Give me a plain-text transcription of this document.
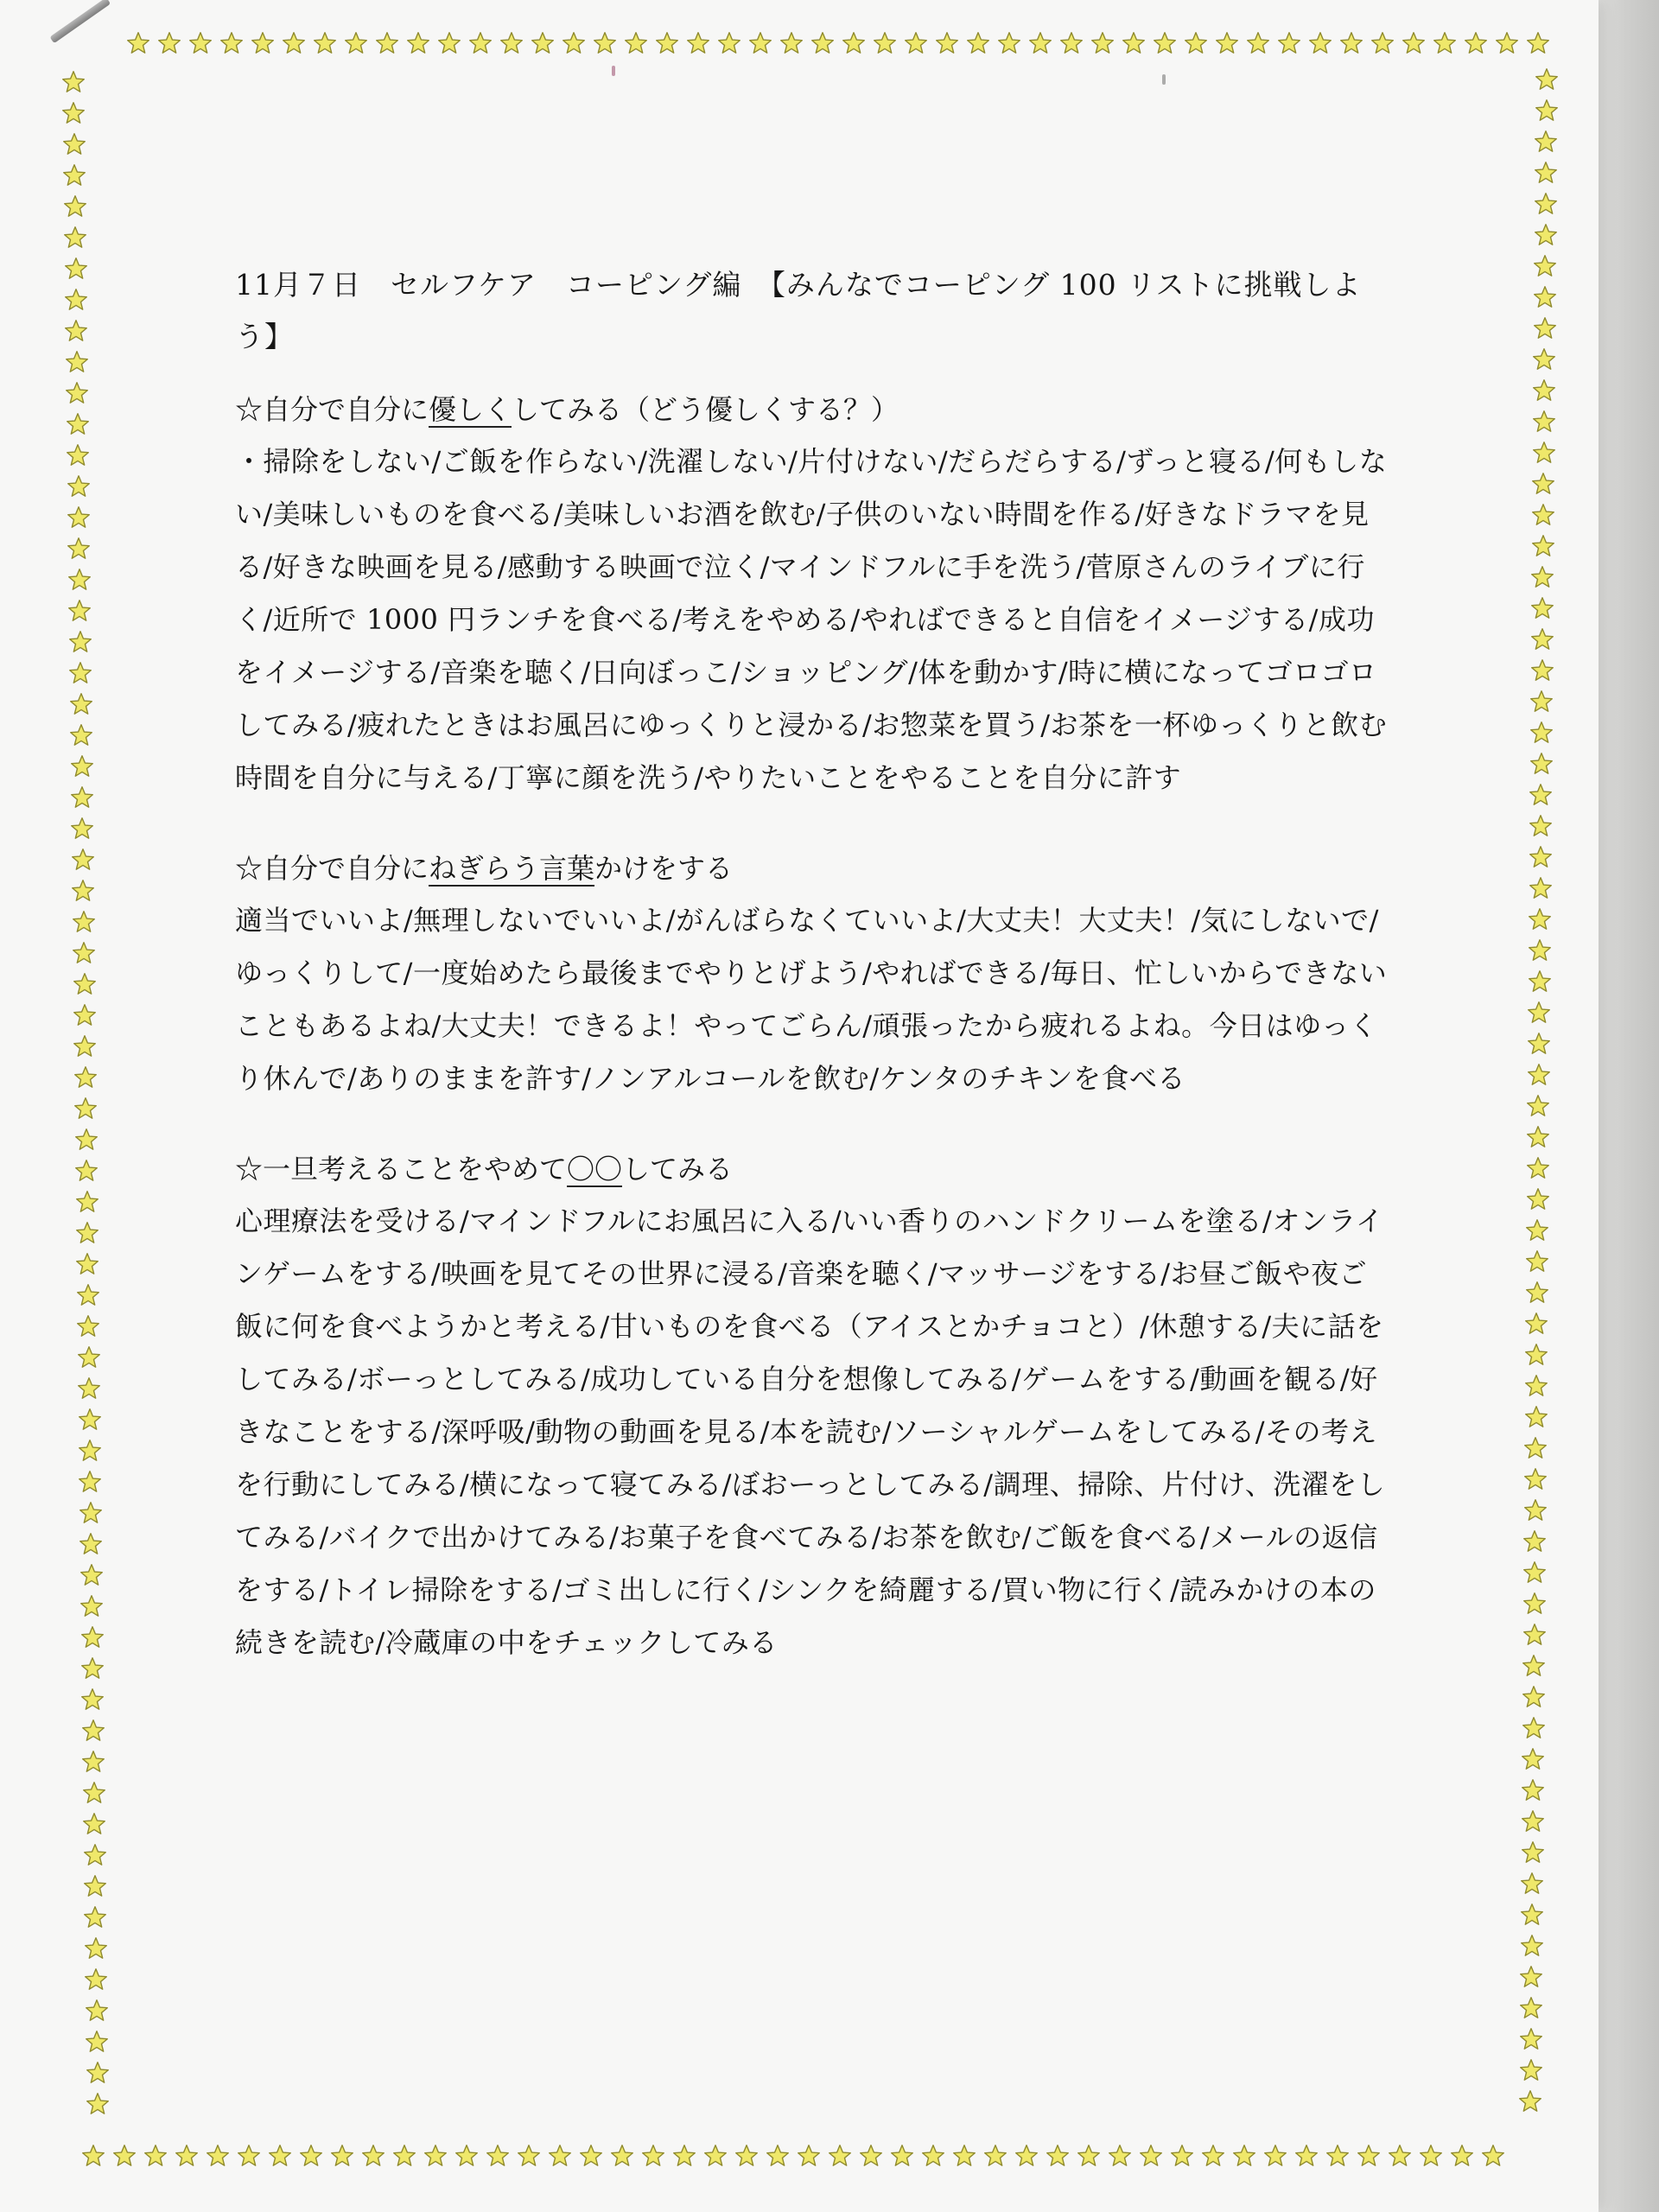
11月７日　セルフケア　コーピング編　【みんなでコーピング 100 リストに挑戦しよう】

☆自分で自分に優しくしてみる（どう優しくする？）

・掃除をしない/ご飯を作らない/洗濯しない/片付けない/だらだらする/ずっと寝る/何もしない/美味しいものを食べる/美味しいお酒を飲む/子供のいない時間を作る/好きなドラマを見る/好きな映画を見る/感動する映画で泣く/マインドフルに手を洗う/菅原さんのライブに行く/近所で 1000 円ランチを食べる/考えをやめる/やればできると自信をイメージする/成功をイメージする/音楽を聴く/日向ぼっこ/ショッピング/体を動かす/時に横になってゴロゴロしてみる/疲れたときはお風呂にゆっくりと浸かる/お惣菜を買う/お茶を一杯ゆっくりと飲む時間を自分に与える/丁寧に顔を洗う/やりたいことをやることを自分に許す

☆自分で自分にねぎらう言葉かけをする

適当でいいよ/無理しないでいいよ/がんばらなくていいよ/大丈夫！大丈夫！/気にしないで/ゆっくりして/一度始めたら最後までやりとげよう/やればできる/毎日、忙しいからできないこともあるよね/大丈夫！できるよ！やってごらん/頑張ったから疲れるよね。今日はゆっくり休んで/ありのままを許す/ノンアルコールを飲む/ケンタのチキンを食べる

☆一旦考えることをやめて〇〇してみる

心理療法を受ける/マインドフルにお風呂に入る/いい香りのハンドクリームを塗る/オンラインゲームをする/映画を見てその世界に浸る/音楽を聴く/マッサージをする/お昼ご飯や夜ご飯に何を食べようかと考える/甘いものを食べる（アイスとかチョコと）/休憩する/夫に話をしてみる/ボーっとしてみる/成功している自分を想像してみる/ゲームをする/動画を観る/好きなことをする/深呼吸/動物の動画を見る/本を読む/ソーシャルゲームをしてみる/その考えを行動にしてみる/横になって寝てみる/ぼおーっとしてみる/調理、掃除、片付け、洗濯をしてみる/バイクで出かけてみる/お菓子を食べてみる/お茶を飲む/ご飯を食べる/メールの返信をする/トイレ掃除をする/ゴミ出しに行く/シンクを綺麗する/買い物に行く/読みかけの本の続きを読む/冷蔵庫の中をチェックしてみる
